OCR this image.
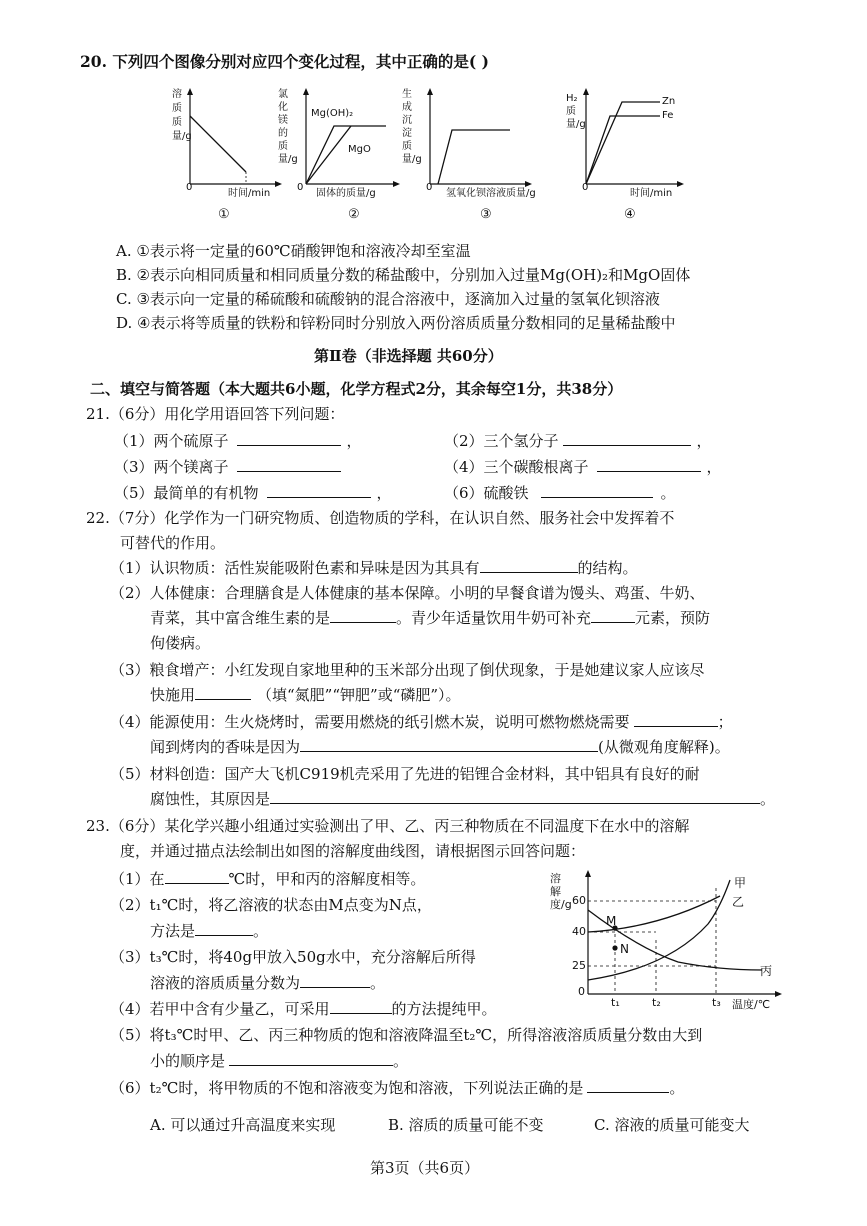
20. 下列四个图像分别对应四个变化过程，其中正确的是( )
溶质质量/g
0
时间/min
①
氯化镁的质量/g
Mg(OH)₂
MgO
0
固体的质量/g
②
生成沉淀质量/g
0
氢氧化钡溶液质量/g
③
H₂质量/g
Zn
Fe
0
时间/min
④
A. ①表示将一定量的60℃硝酸钾饱和溶液冷却至室温
B. ②表示向相同质量和相同质量分数的稀盐酸中，分别加入过量Mg(OH)₂和MgO固体
C. ③表示向一定量的稀硫酸和硫酸钠的混合溶液中，逐滴加入过量的氢氧化钡溶液
D. ④表示将等质量的铁粉和锌粉同时分别放入两份溶质质量分数相同的足量稀盐酸中
第Ⅱ卷（非选择题 共60分）
二、填空与简答题（本大题共6小题，化学方程式2分，其余每空1分，共38分）
21.（6分）用化学用语回答下列问题：
（1）两个硫原子	，	（2）三个氢分子	，
（3）两个镁离子	（4）三个碳酸根离子	，
（5）最简单的有机物	，	（6）硫酸铁	。
22.（7分）化学作为一门研究物质、创造物质的学科，在认识自然、服务社会中发挥着不
可替代的作用。
（1）认识物质：活性炭能吸附色素和异味是因为其具有	的结构。
（2）人体健康：合理膳食是人体健康的基本保障。小明的早餐食谱为馒头、鸡蛋、牛奶、
青菜，其中富含维生素的是	。青少年适量饮用牛奶可补充	元素，预防
佝偻病。
（3）粮食增产：小红发现自家地里种的玉米部分出现了倒伏现象，于是她建议家人应该尽
快施用	（填“氮肥”“钾肥”或“磷肥”）。
（4）能源使用：生火烧烤时，需要用燃烧的纸引燃木炭，说明可燃物燃烧需要	；
闻到烤肉的香味是因为	(从微观角度解释)。
（5）材料创造：国产大飞机C919机壳采用了先进的铝锂合金材料，其中铝具有良好的耐
腐蚀性，其原因是	。
23.（6分）某化学兴趣小组通过实验测出了甲、乙、丙三种物质在不同温度下在水中的溶解
度，并通过描点法绘制出如图的溶解度曲线图，请根据图示回答问题：
（1）在	℃时，甲和丙的溶解度相等。
（2）t₁℃时，将乙溶液的状态由M点变为N点，
方法是	。
（3）t₃℃时，将40g甲放入50g水中，充分溶解后所得
溶液的溶质质量分数为	。
（4）若甲中含有少量乙，可采用	的方法提纯甲。
（5）将t₃℃时甲、乙、丙三种物质的饱和溶液降温至t₂℃，所得溶液溶质质量分数由大到
小的顺序是	。
（6）t₂℃时，将甲物质的不饱和溶液变为饱和溶液，下列说法正确的是	。
A. 可以通过升高温度来实现	B. 溶质的质量可能不变	C. 溶液的质量可能变大
溶解度/g 60
40
25
0
t₁	t₂	t₃ 温度/℃
甲
乙
丙
M
N
第3页（共6页）
